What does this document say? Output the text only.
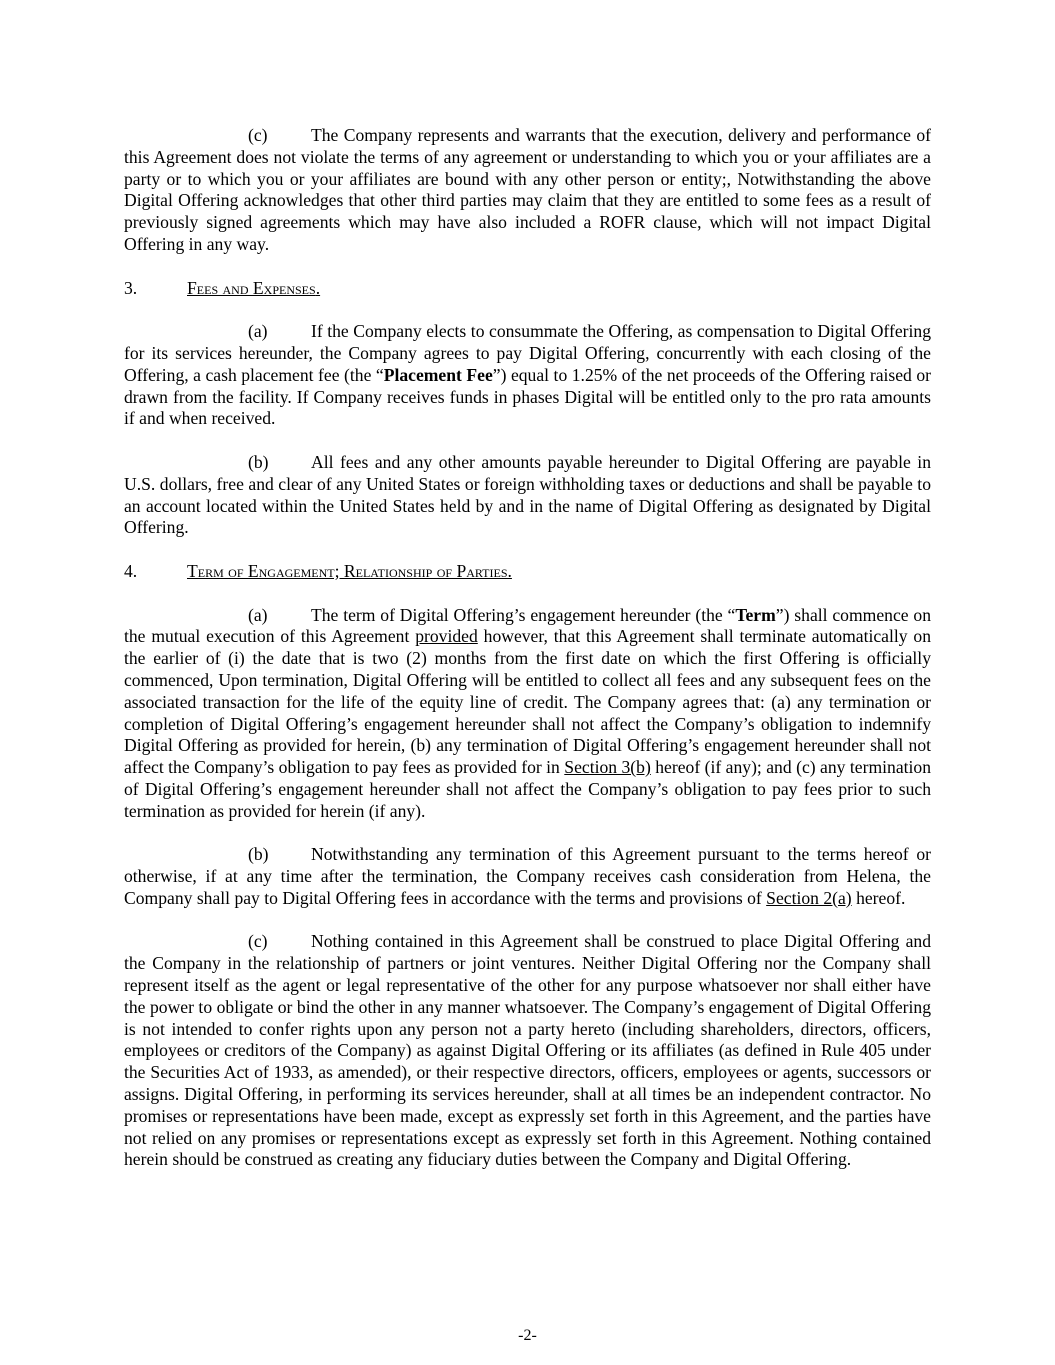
(c) The Company represents and warrants that the execution, delivery and performance of this Agreement does not violate the terms of any agreement or understanding to which you or your affiliates are a party or to which you or your affiliates are bound with any other person or entity;, Notwithstanding the above Digital Offering acknowledges that other third parties may claim that they are entitled to some fees as a result of previously signed agreements which may have also included a ROFR clause, which will not impact Digital Offering in any way.

3.	Fees and Expenses.

(a) If the Company elects to consummate the Offering, as compensation to Digital Offering for its services hereunder, the Company agrees to pay Digital Offering, concurrently with each closing of the Offering, a cash placement fee (the “Placement Fee”) equal to 1.25% of the net proceeds of the Offering raised or drawn from the facility. If Company receives funds in phases Digital will be entitled only to the pro rata amounts if and when received.

(b) All fees and any other amounts payable hereunder to Digital Offering are payable in U.S. dollars, free and clear of any United States or foreign withholding taxes or deductions and shall be payable to an account located within the United States held by and in the name of Digital Offering as designated by Digital Offering.

4.	Term of Engagement; Relationship of Parties.

(a) The term of Digital Offering’s engagement hereunder (the “Term”) shall commence on the mutual execution of this Agreement provided however, that this Agreement shall terminate automatically on the earlier of (i) the date that is two (2) months from the first date on which the first Offering is officially commenced, Upon termination, Digital Offering will be entitled to collect all fees and any subsequent fees on the associated transaction for the life of the equity line of credit. The Company agrees that: (a) any termination or completion of Digital Offering’s engagement hereunder shall not affect the Company’s obligation to indemnify Digital Offering as provided for herein, (b) any termination of Digital Offering’s engagement hereunder shall not affect the Company’s obligation to pay fees as provided for in Section 3(b) hereof (if any); and (c) any termination of Digital Offering’s engagement hereunder shall not affect the Company’s obligation to pay fees prior to such termination as provided for herein (if any).

(b) Notwithstanding any termination of this Agreement pursuant to the terms hereof or otherwise, if at any time after the termination, the Company receives cash consideration from Helena, the Company shall pay to Digital Offering fees in accordance with the terms and provisions of Section 2(a) hereof.

(c) Nothing contained in this Agreement shall be construed to place Digital Offering and the Company in the relationship of partners or joint ventures. Neither Digital Offering nor the Company shall represent itself as the agent or legal representative of the other for any purpose whatsoever nor shall either have the power to obligate or bind the other in any manner whatsoever. The Company’s engagement of Digital Offering is not intended to confer rights upon any person not a party hereto (including shareholders, directors, officers, employees or creditors of the Company) as against Digital Offering or its affiliates (as defined in Rule 405 under the Securities Act of 1933, as amended), or their respective directors, officers, employees or agents, successors or assigns. Digital Offering, in performing its services hereunder, shall at all times be an independent contractor. No promises or representations have been made, except as expressly set forth in this Agreement, and the parties have not relied on any promises or representations except as expressly set forth in this Agreement. Nothing contained herein should be construed as creating any fiduciary duties between the Company and Digital Offering.

-2-
